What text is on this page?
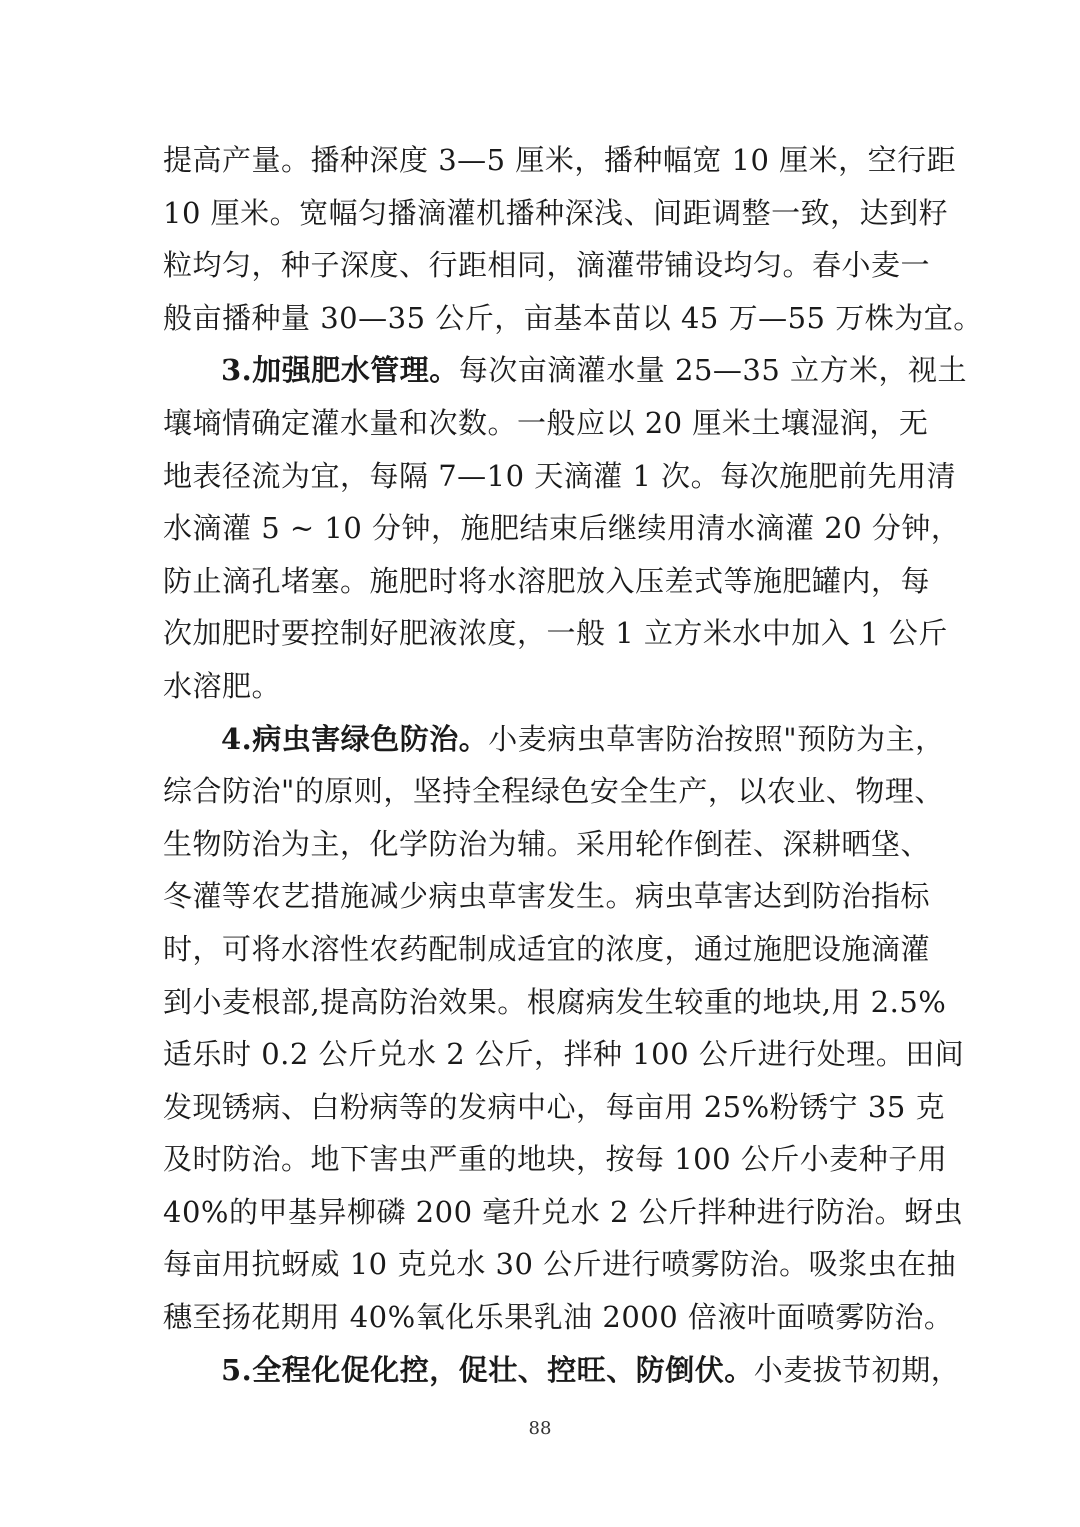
提高产量。播种深度 3—5 厘米，播种幅宽 10 厘米，空行距
10 厘米。宽幅匀播滴灌机播种深浅、间距调整一致，达到籽
粒均匀，种子深度、行距相同，滴灌带铺设均匀。春小麦一
般亩播种量 30—35 公斤，亩基本苗以 45 万—55 万株为宜。
3.加强肥水管理。每次亩滴灌水量 25—35 立方米，视土
壤墒情确定灌水量和次数。一般应以 20 厘米土壤湿润，无
地表径流为宜，每隔 7—10 天滴灌 1 次。每次施肥前先用清
水滴灌 5 ~ 10 分钟，施肥结束后继续用清水滴灌 20 分钟，
防止滴孔堵塞。施肥时将水溶肥放入压差式等施肥罐内，每
次加肥时要控制好肥液浓度，一般 1 立方米水中加入 1 公斤
水溶肥。
4.病虫害绿色防治。小麦病虫草害防治按照"预防为主，
综合防治"的原则，坚持全程绿色安全生产，以农业、物理、
生物防治为主，化学防治为辅。采用轮作倒茬、深耕晒垡、
冬灌等农艺措施减少病虫草害发生。病虫草害达到防治指标
时，可将水溶性农药配制成适宜的浓度，通过施肥设施滴灌
到小麦根部,提高防治效果。根腐病发生较重的地块,用 2.5%
适乐时 0.2 公斤兑水 2 公斤，拌种 100 公斤进行处理。田间
发现锈病、白粉病等的发病中心，每亩用 25%粉锈宁 35 克
及时防治。地下害虫严重的地块，按每 100 公斤小麦种子用
40%的甲基异柳磷 200 毫升兑水 2 公斤拌种进行防治。蚜虫
每亩用抗蚜威 10 克兑水 30 公斤进行喷雾防治。吸浆虫在抽
穗至扬花期用 40%氧化乐果乳油 2000 倍液叶面喷雾防治。
5.全程化促化控，促壮、控旺、防倒伏。小麦拔节初期，
88
